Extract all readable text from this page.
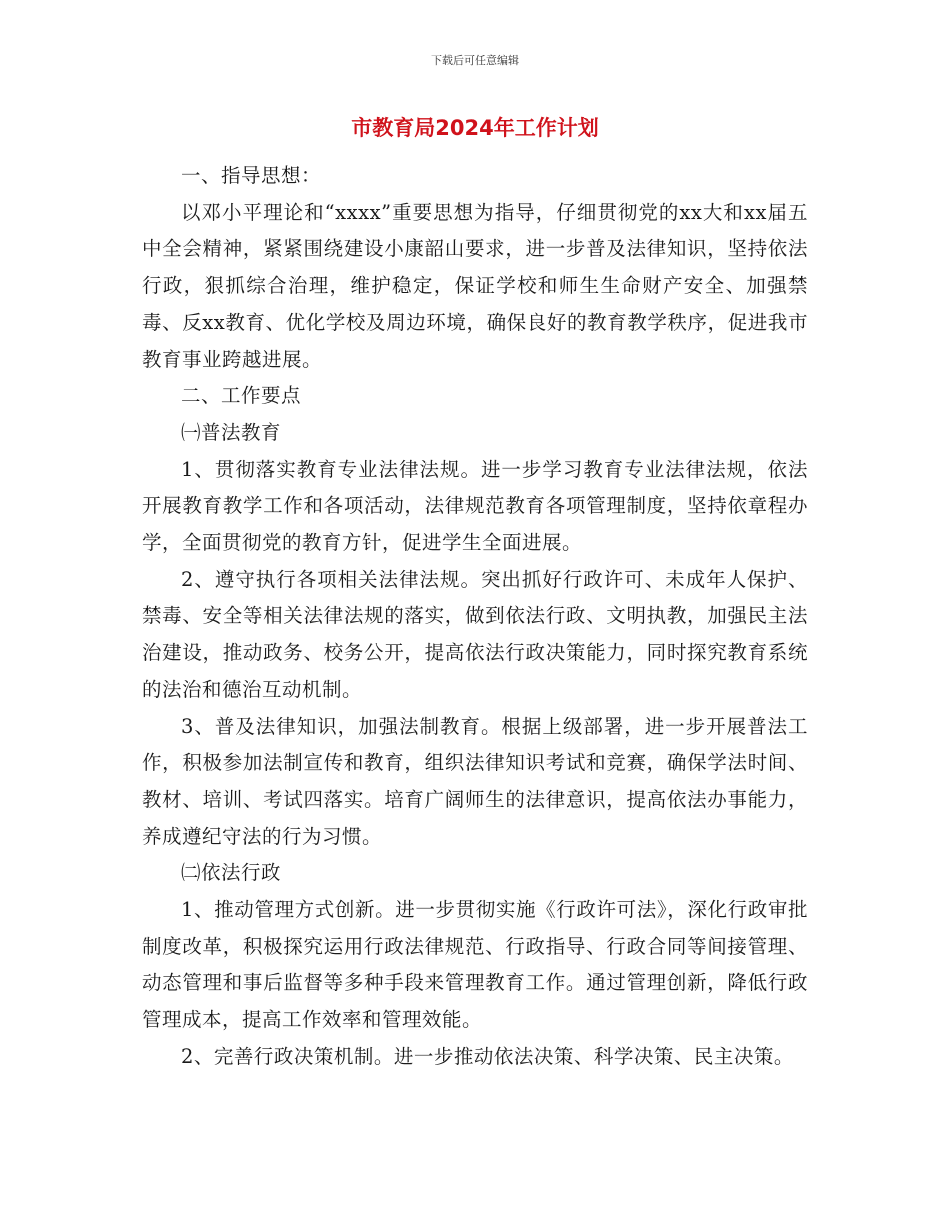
下载后可任意编辑
市教育局2024年工作计划

一、指导思想：

以邓小平理论和“xxxx”重要思想为指导，仔细贯彻党的xx大和xx届五中全会精神，紧紧围绕建设小康韶山要求，进一步普及法律知识，坚持依法行政，狠抓综合治理，维护稳定，保证学校和师生生命财产安全、加强禁毒、反xx教育、优化学校及周边环境，确保良好的教育教学秩序，促进我市教育事业跨越进展。

二、工作要点

㈠普法教育

1、贯彻落实教育专业法律法规。进一步学习教育专业法律法规，依法开展教育教学工作和各项活动，法律规范教育各项管理制度，坚持依章程办学，全面贯彻党的教育方针，促进学生全面进展。

2、遵守执行各项相关法律法规。突出抓好行政许可、未成年人保护、禁毒、安全等相关法律法规的落实，做到依法行政、文明执教，加强民主法治建设，推动政务、校务公开，提高依法行政决策能力，同时探究教育系统的法治和德治互动机制。

3、普及法律知识，加强法制教育。根据上级部署，进一步开展普法工作，积极参加法制宣传和教育，组织法律知识考试和竞赛，确保学法时间、教材、培训、考试四落实。培育广阔师生的法律意识，提高依法办事能力，养成遵纪守法的行为习惯。

㈡依法行政

1、推动管理方式创新。进一步贯彻实施《行政许可法》，深化行政审批制度改革，积极探究运用行政法律规范、行政指导、行政合同等间接管理、动态管理和事后监督等多种手段来管理教育工作。通过管理创新，降低行政管理成本，提高工作效率和管理效能。

2、完善行政决策机制。进一步推动依法决策、科学决策、民主决策。
